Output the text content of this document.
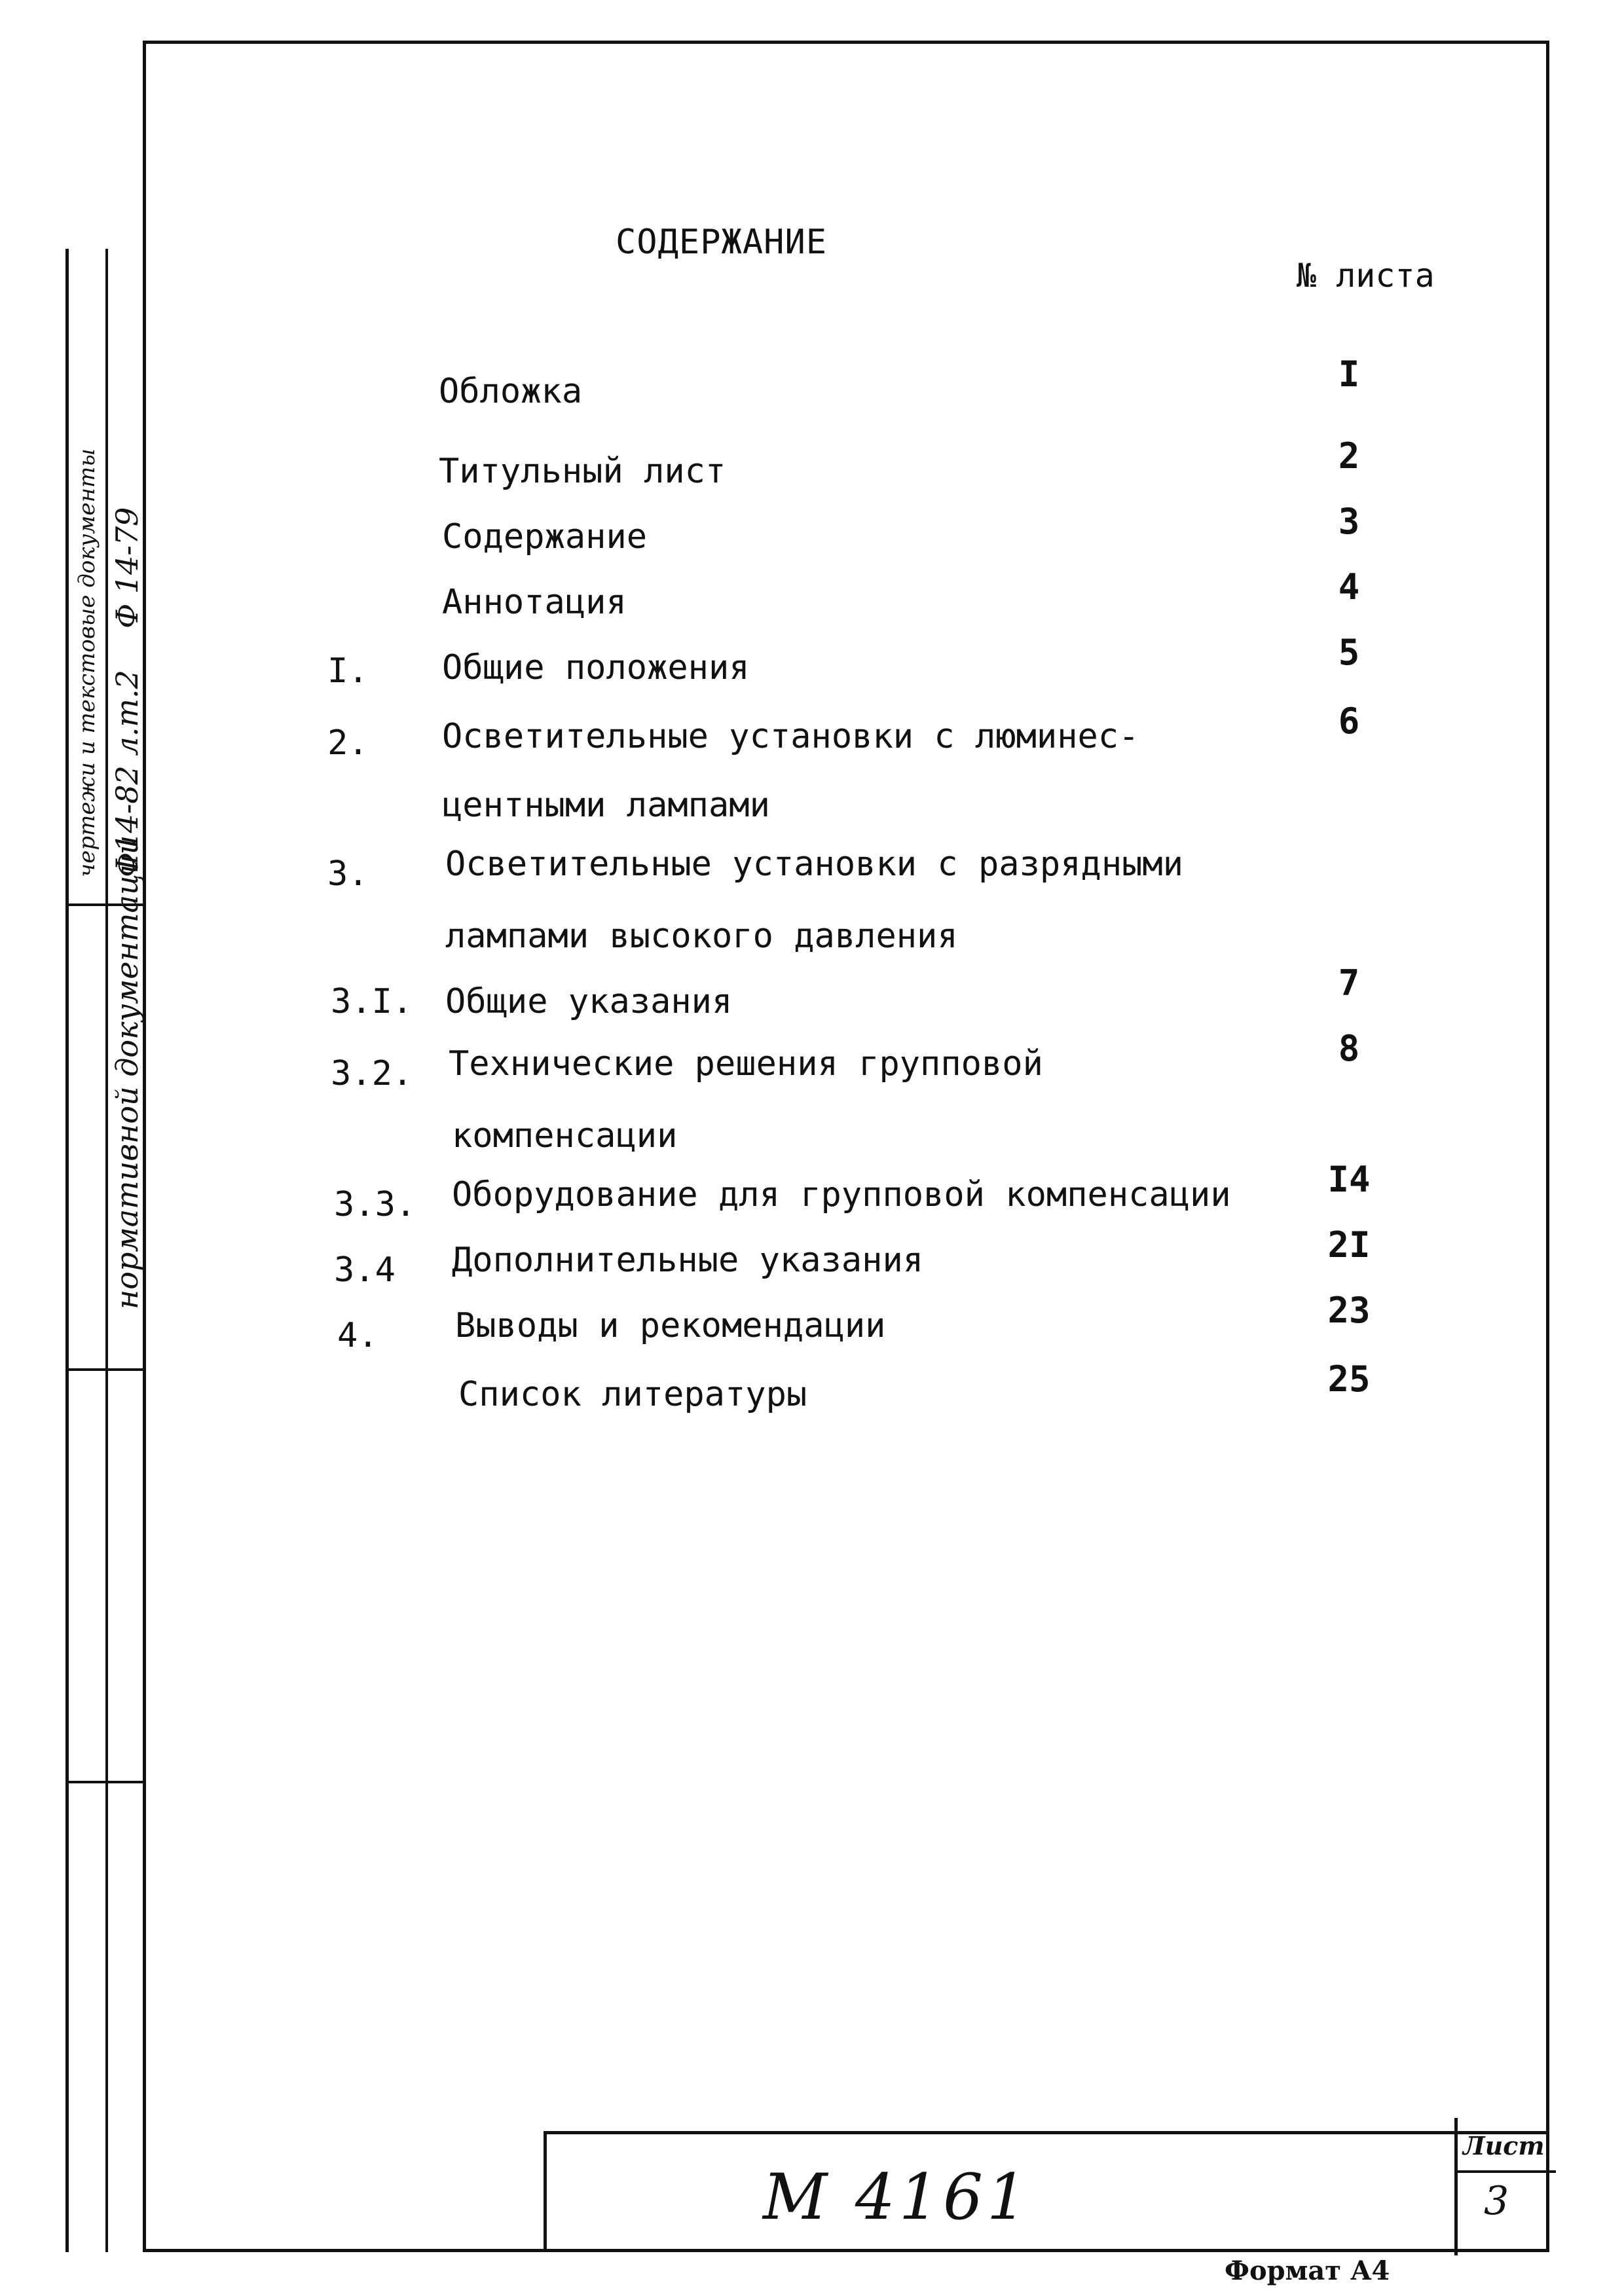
чертежи и текстовые документы
нормативной документации
Ф14-82 л.т.2
Ф 14-79
СОДЕРЖАНИЕ
№ листа
Обложка	I
Титульный лист	2
Содержание	3
Аннотация	4
I. Общие положения	5
2. Осветительные установки с люминес-	6
центными лампами
3. Осветительные установки с разрядными
лампами высокого давления
3.I. Общие указания	7
3.2. Технические решения групповой	8
компенсации
3.3. Оборудование для групповой компенсации	I4
3.4 Дополнительные указания	2I
4. Выводы и рекомендации	23
Список литературы	25
М 4161
Лист
3
Формат А4
